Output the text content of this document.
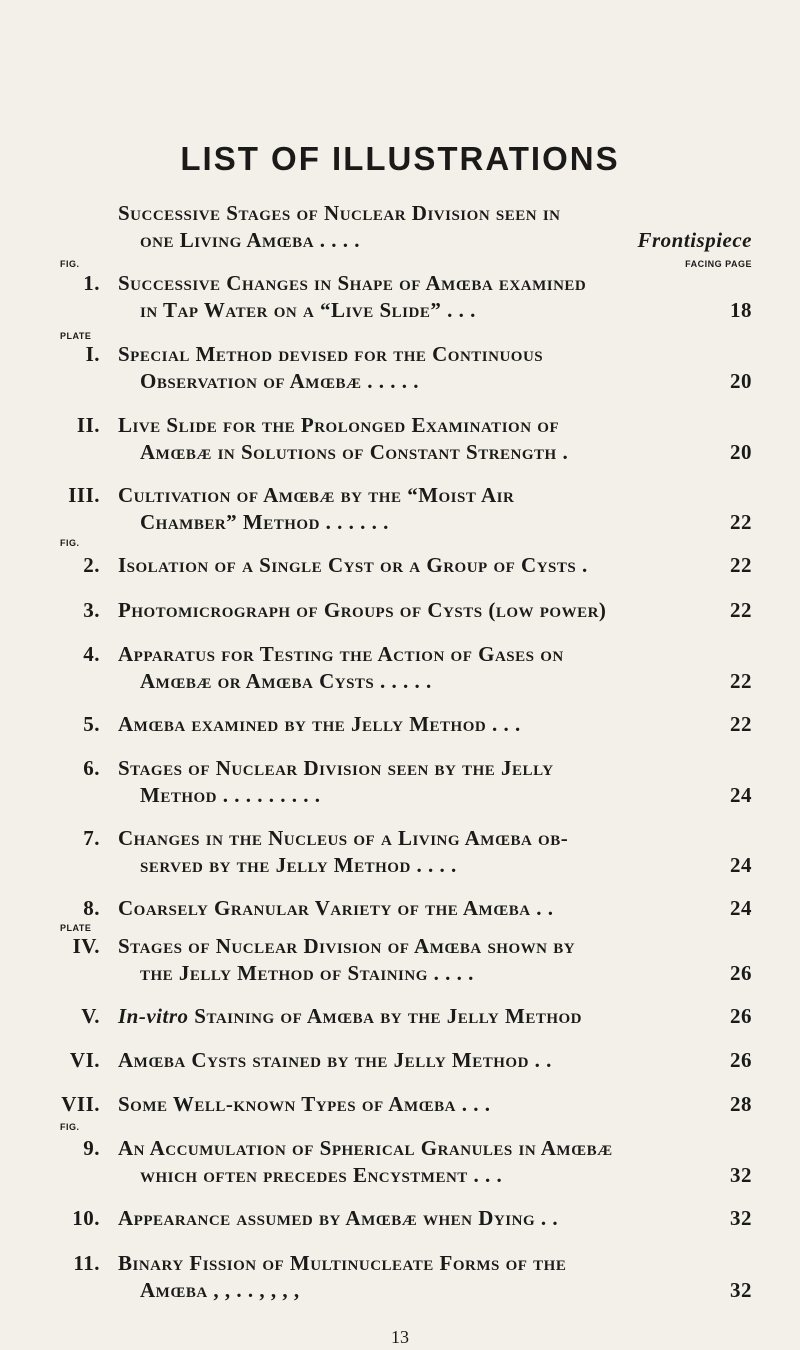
LIST OF ILLUSTRATIONS
Successive Stages of Nuclear Division seen in
one Living Amœba . . . .	Frontispiece
FIG.	FACING PAGE
1. Successive Changes in Shape of Amœba examined
in Tap Water on a “Live Slide” . . .	18
PLATE
I. Special Method devised for the Continuous
Observation of Amœbæ . . . . .	20
II. Live Slide for the Prolonged Examination of
Amœbæ in Solutions of Constant Strength .	20
III. Cultivation of Amœbæ by the “Moist Air
Chamber” Method . . . . . .	22
FIG.
2. Isolation of a Single Cyst or a Group of Cysts .	22
3. Photomicrograph of Groups of Cysts (low power)	22
4. Apparatus for Testing the Action of Gases on
Amœbæ or Amœba Cysts . . . . .	22
5. Amœba examined by the Jelly Method . . .	22
6. Stages of Nuclear Division seen by the Jelly
Method . . . . . . . . .	24
7. Changes in the Nucleus of a Living Amœba ob-
served by the Jelly Method . . . .	24
8. Coarsely Granular Variety of the Amœba . .	24
PLATE
IV. Stages of Nuclear Division of Amœba shown by
the Jelly Method of Staining . . . .	26
V. In-vitro Staining of Amœba by the Jelly Method	26
VI. Amœba Cysts stained by the Jelly Method . .	26
VII. Some Well-known Types of Amœba . . .	28
FIG.
9. An Accumulation of Spherical Granules in Amœbæ
which often precedes Encystment . . .	32
10. Appearance assumed by Amœbæ when Dying . .	32
11. Binary Fission of Multinucleate Forms of the
Amœba , , . . , , , ,	32
13
